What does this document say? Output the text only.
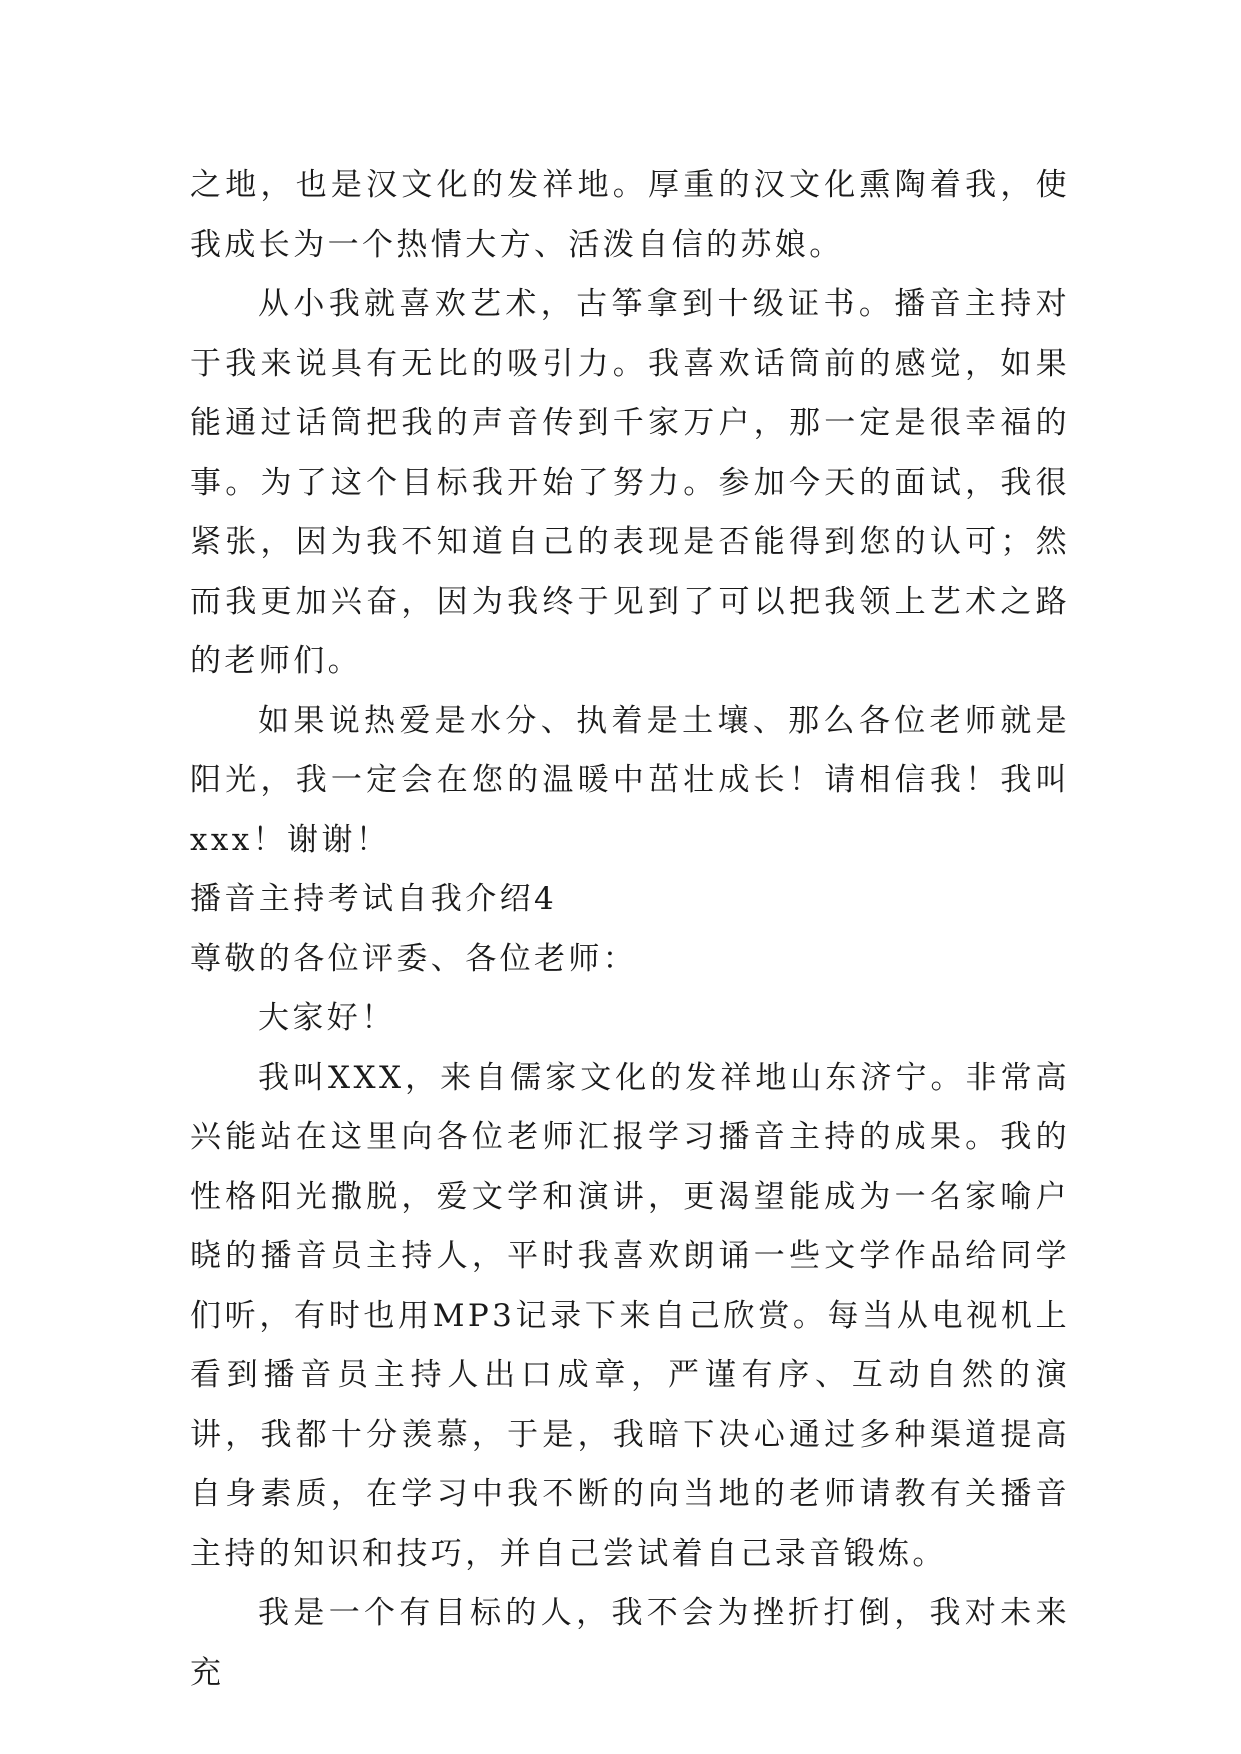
之地，也是汉文化的发祥地。厚重的汉文化熏陶着我，使我成长为一个热情大方、活泼自信的苏娘。

从小我就喜欢艺术，古筝拿到十级证书。播音主持对于我来说具有无比的吸引力。我喜欢话筒前的感觉，如果能通过话筒把我的声音传到千家万户，那一定是很幸福的事。为了这个目标我开始了努力。参加今天的面试，我很紧张，因为我不知道自己的表现是否能得到您的认可；然而我更加兴奋，因为我终于见到了可以把我领上艺术之路的老师们。

如果说热爱是水分、执着是土壤、那么各位老师就是阳光，我一定会在您的温暖中茁壮成长！请相信我！我叫xxx！谢谢！

播音主持考试自我介绍4

尊敬的各位评委、各位老师：

大家好！

我叫XXX，来自儒家文化的发祥地山东济宁。非常高兴能站在这里向各位老师汇报学习播音主持的成果。我的性格阳光撒脱，爱文学和演讲，更渴望能成为一名家喻户晓的播音员主持人，平时我喜欢朗诵一些文学作品给同学们听，有时也用MP3记录下来自己欣赏。每当从电视机上看到播音员主持人出口成章，严谨有序、互动自然的演讲，我都十分羡慕，于是，我暗下决心通过多种渠道提高自身素质，在学习中我不断的向当地的老师请教有关播音主持的知识和技巧，并自己尝试着自己录音锻炼。

我是一个有目标的人，我不会为挫折打倒，我对未来充
